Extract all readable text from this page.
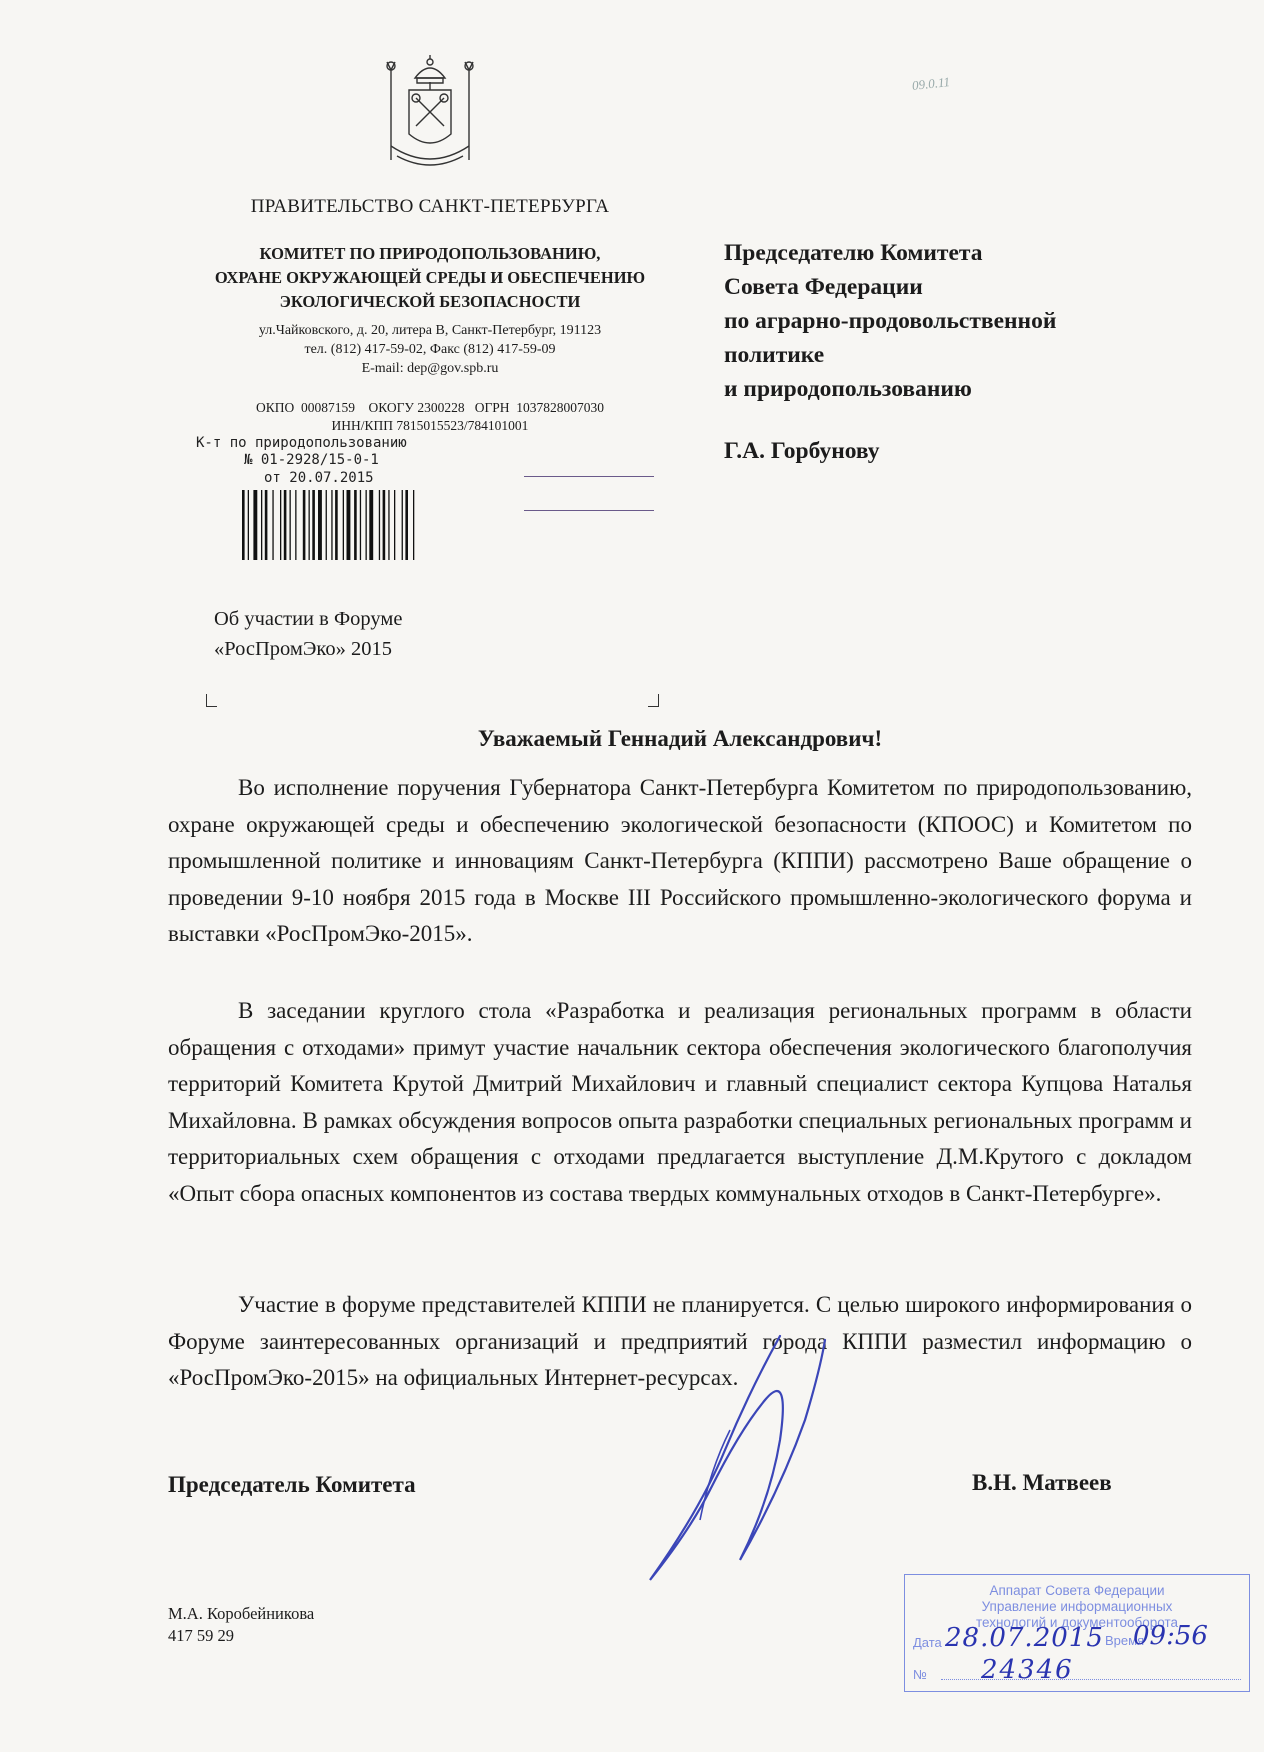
09.0.11
ПРАВИТЕЛЬСТВО САНКТ-ПЕТЕРБУРГА
КОМИТЕТ ПО ПРИРОДОПОЛЬЗОВАНИЮ,
ОХРАНЕ ОКРУЖАЮЩЕЙ СРЕДЫ И ОБЕСПЕЧЕНИЮ
ЭКОЛОГИЧЕСКОЙ БЕЗОПАСНОСТИ
ул.Чайковского, д. 20, литера В, Санкт-Петербург, 191123
тел. (812) 417-59-02, Факс (812) 417-59-09
E-mail: dep@gov.spb.ru
ОКПО  00087159    ОКОГУ 2300228   ОГРН  1037828007030
ИНН/КПП 7815015523/784101001
К-т по природопользованию
№ 01-2928/15-0-1
от 20.07.2015
Председателю Комитета
Совета Федерации
по аграрно-продовольственной
политике
и природопользованию
Г.А. Горбунову
Об участии в Форуме
«РосПромЭко» 2015
Уважаемый Геннадий Александрович!
Во исполнение поручения Губернатора Санкт-Петербурга Комитетом по природопользованию, охране окружающей среды и обеспечению экологической безопасности (КПООС) и Комитетом по промышленной политике и инновациям Санкт-Петербурга (КППИ) рассмотрено Ваше обращение о проведении 9-10 ноября 2015 года в Москве III Российского промышленно-экологического форума и выставки «РосПромЭко-2015».
В заседании круглого стола «Разработка и реализация региональных программ в области обращения с отходами» примут участие начальник сектора обеспечения экологического благополучия территорий Комитета Крутой Дмитрий Михайлович и главный специалист сектора Купцова Наталья Михайловна. В рамках обсуждения вопросов опыта разработки специальных региональных программ и территориальных схем обращения с отходами предлагается выступление Д.М.Крутого с докладом «Опыт сбора опасных компонентов из состава твердых коммунальных отходов в Санкт-Петербурге».
Участие в форуме представителей КППИ не планируется. С целью широкого информирования о Форуме заинтересованных организаций и предприятий города КППИ разместил информацию о «РосПромЭко-2015» на официальных Интернет-ресурсах.
Председатель Комитета	В.Н. Матвеев
М.А. Коробейникова
417 59 29
Аппарат Совета Федерации
Управление информационных
технологий и документооборота
Дата	Время
№
28.07.2015 09:56
24346
